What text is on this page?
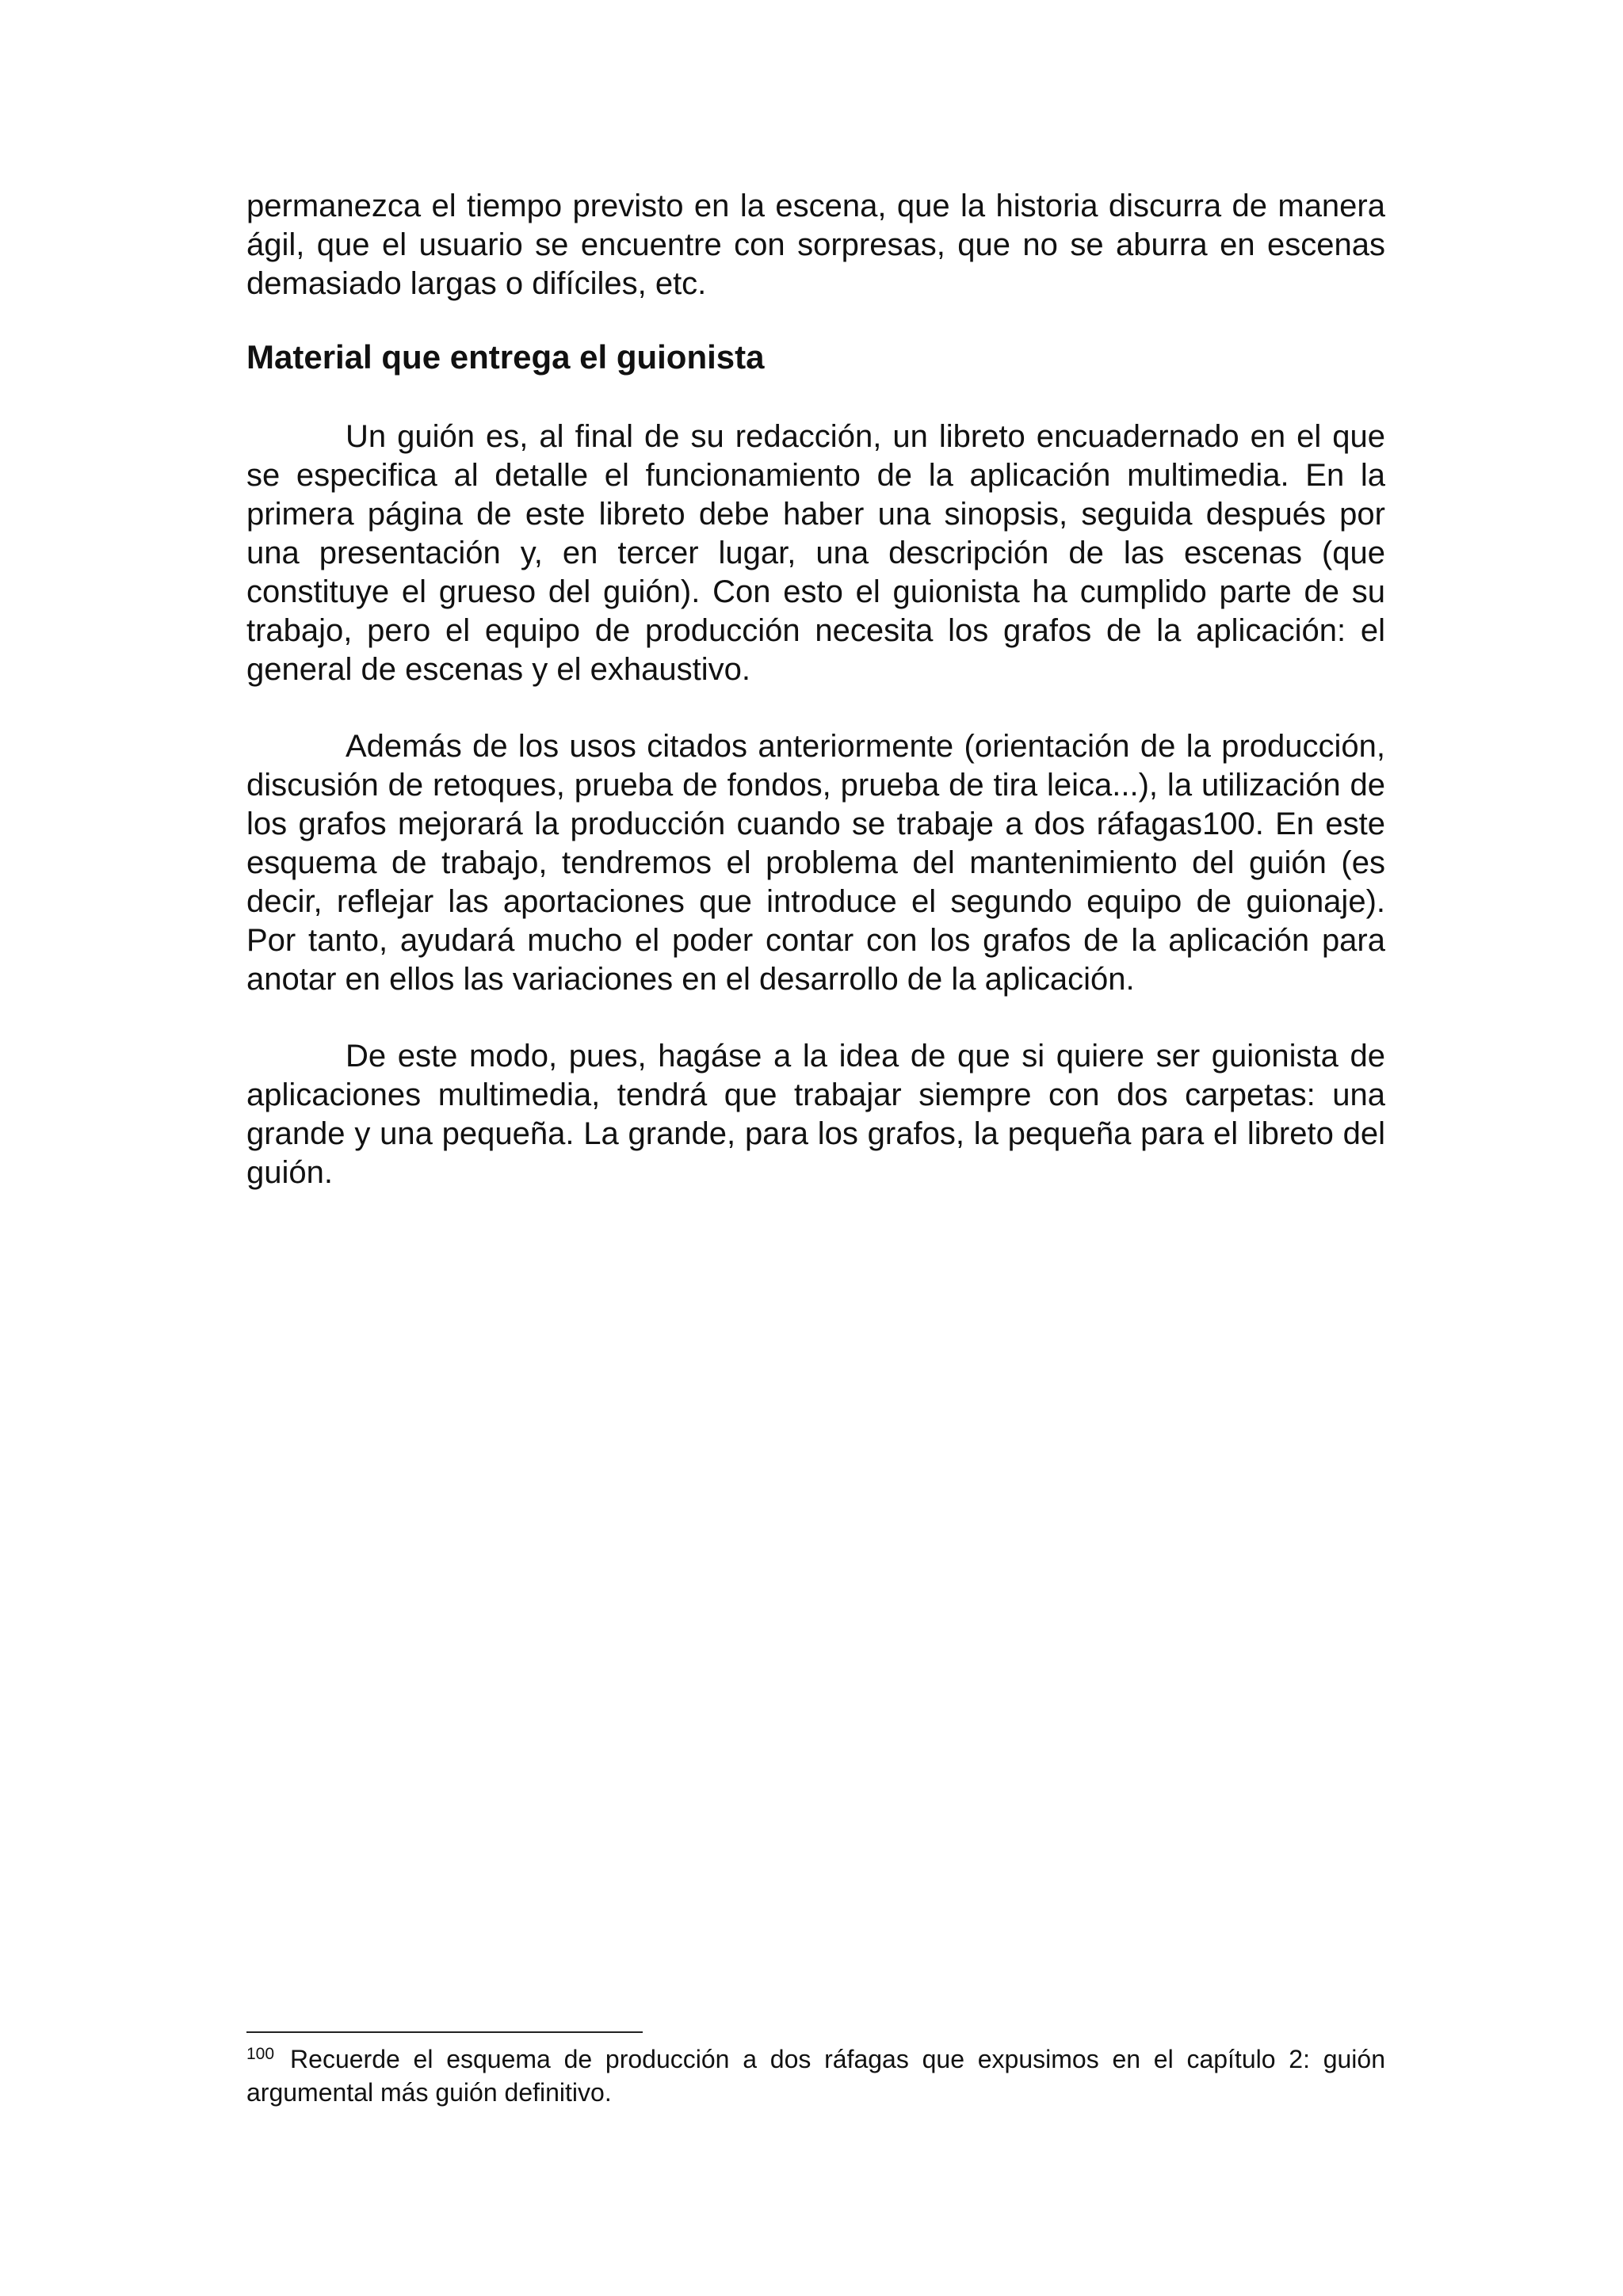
permanezca el tiempo previsto en la escena, que la historia discurra de manera ágil, que el usuario se encuentre con sorpresas, que no se aburra en escenas demasiado largas o difíciles, etc.

Material que entrega el guionista

Un guión es, al final de su redacción, un libreto encuadernado en el que se especifica al detalle el funcionamiento de la aplicación multimedia. En la primera página de este libreto debe haber una sinopsis, seguida después por una presentación y, en tercer lugar, una descripción de las escenas (que constituye el grueso del guión). Con esto el guionista ha cumplido parte de su trabajo, pero el equipo de producción necesita los grafos de la aplicación: el general de escenas y el exhaustivo.

Además de los usos citados anteriormente (orientación de la producción, discusión de retoques, prueba de fondos, prueba de tira leica...), la utilización de los grafos mejorará la producción cuando se trabaje a dos ráfagas100. En este esquema de trabajo, tendremos el problema del mantenimiento del guión (es decir, reflejar las aportaciones que introduce el segundo equipo de guionaje). Por tanto, ayudará mucho el poder contar con los grafos de la aplicación para anotar en ellos las variaciones en el desarrollo de la aplicación.

De este modo, pues, hagáse a la idea de que si quiere ser guionista de aplicaciones multimedia, tendrá que trabajar siempre con dos carpetas: una grande y una pequeña. La grande, para los grafos, la pequeña para el libreto del guión.

$^{100}$ Recuerde el esquema de producción a dos ráfagas que expusimos en el capítulo 2: guión argumental más guión definitivo.
